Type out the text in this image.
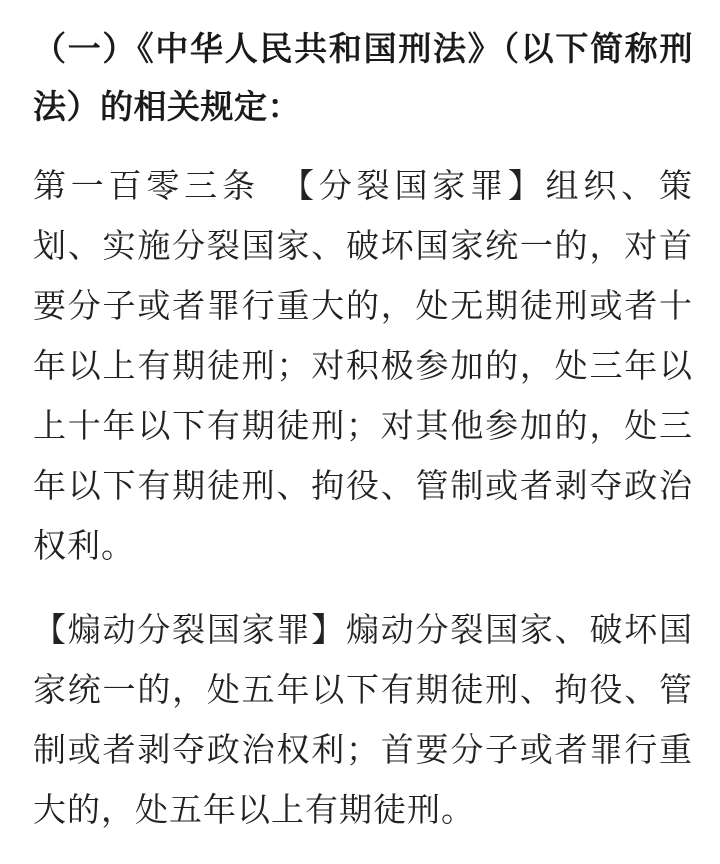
（一）《中华人民共和国刑法》（以下简称刑法）的相关规定：

第一百零三条　【分裂国家罪】组织、策划、实施分裂国家、破坏国家统一的，对首要分子或者罪行重大的，处无期徒刑或者十年以上有期徒刑；对积极参加的，处三年以上十年以下有期徒刑；对其他参加的，处三年以下有期徒刑、拘役、管制或者剥夺政治权利。

【煽动分裂国家罪】煽动分裂国家、破坏国家统一的，处五年以下有期徒刑、拘役、管制或者剥夺政治权利；首要分子或者罪行重大的，处五年以上有期徒刑。
